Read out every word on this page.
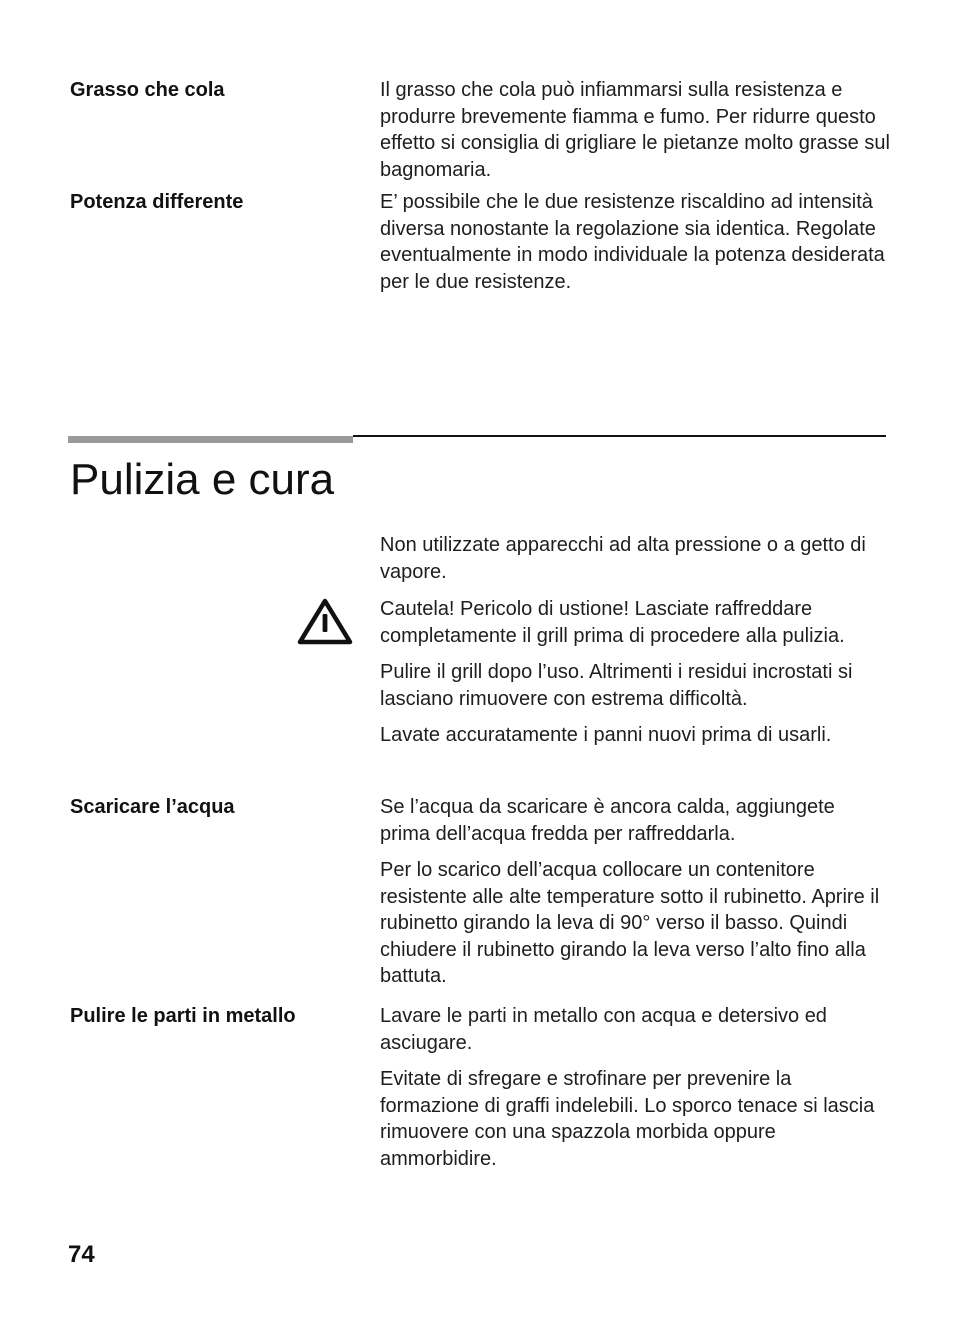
Grasso che cola	Il grasso che cola può infiammarsi sulla resistenza e produrre brevemente fiamma e fumo. Per ridurre questo effetto si consiglia di grigliare le pietanze molto grasse sul bagnomaria.
Potenza differente	E’ possibile che le due resistenze riscaldino ad intensità diversa nonostante la regolazione sia identica. Regolate eventualmente in modo individuale la potenza desiderata per le due resistenze.
Pulizia e cura
Non utilizzate apparecchi ad alta pressione o a getto di vapore.
Cautela! Pericolo di ustione! Lasciate raffreddare completamente il grill prima di procedere alla pulizia.
Pulire il grill dopo l’uso. Altrimenti i residui incrostati si lasciano rimuovere con estrema difficoltà.
Lavate accuratamente i panni nuovi prima di usarli.
Scaricare l’acqua	Se l’acqua da scaricare è ancora calda, aggiungete prima dell’acqua fredda per raffreddarla.
Per lo scarico dell’acqua collocare un contenitore resistente alle alte temperature sotto il rubinetto. Aprire il rubinetto girando la leva di 90° verso il basso. Quindi chiudere il rubinetto girando la leva verso l’alto fino alla battuta.
Pulire le parti in metallo	Lavare le parti in metallo con acqua e detersivo ed asciugare.
Evitate di sfregare e strofinare per prevenire la formazione di graffi indelebili. Lo sporco tenace si lascia rimuovere con una spazzola morbida oppure ammorbidire.
74
